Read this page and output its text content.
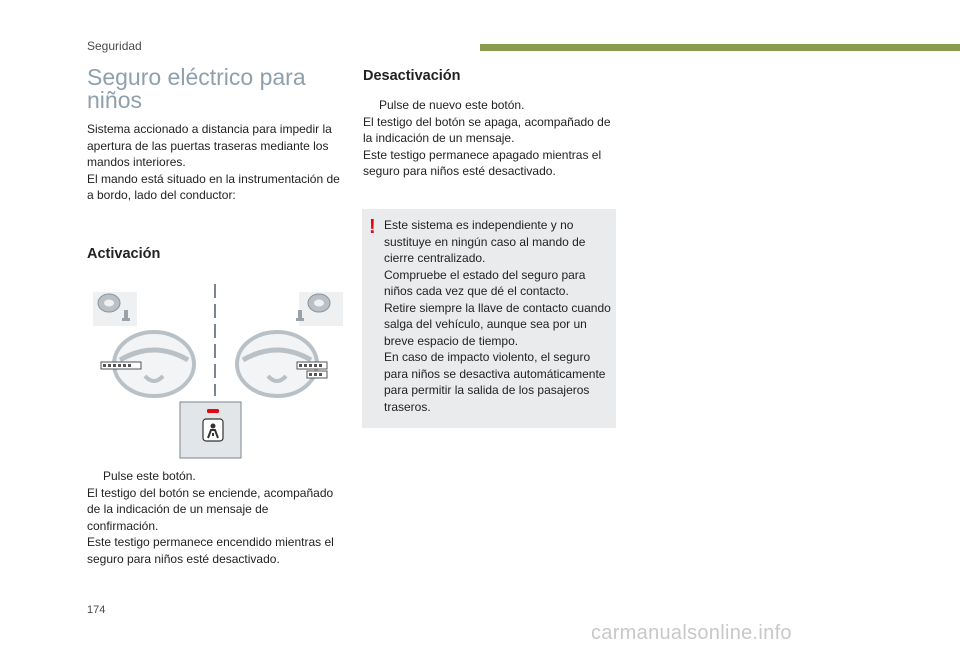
Seguridad
Seguro eléctrico para niños
Sistema accionado a distancia para impedir la
apertura de las puertas traseras mediante los
mandos interiores.
El mando está situado en la instrumentación de
a bordo, lado del conductor:
Activación
Pulse este botón.
El testigo del botón se enciende, acompañado
de la indicación de un mensaje de
confirmación.
Este testigo permanece encendido mientras el
seguro para niños esté desactivado.
Desactivación
Pulse de nuevo este botón.
El testigo del botón se apaga, acompañado de
la indicación de un mensaje.
Este testigo permanece apagado mientras el
seguro para niños esté desactivado.
! Este sistema es independiente y no
sustituye en ningún caso al mando de
cierre centralizado.
Compruebe el estado del seguro para
niños cada vez que dé el contacto.
Retire siempre la llave de contacto cuando
salga del vehículo, aunque sea por un
breve espacio de tiempo.
En caso de impacto violento, el seguro
para niños se desactiva automáticamente
para permitir la salida de los pasajeros
traseros.
174
carmanualsonline.info
